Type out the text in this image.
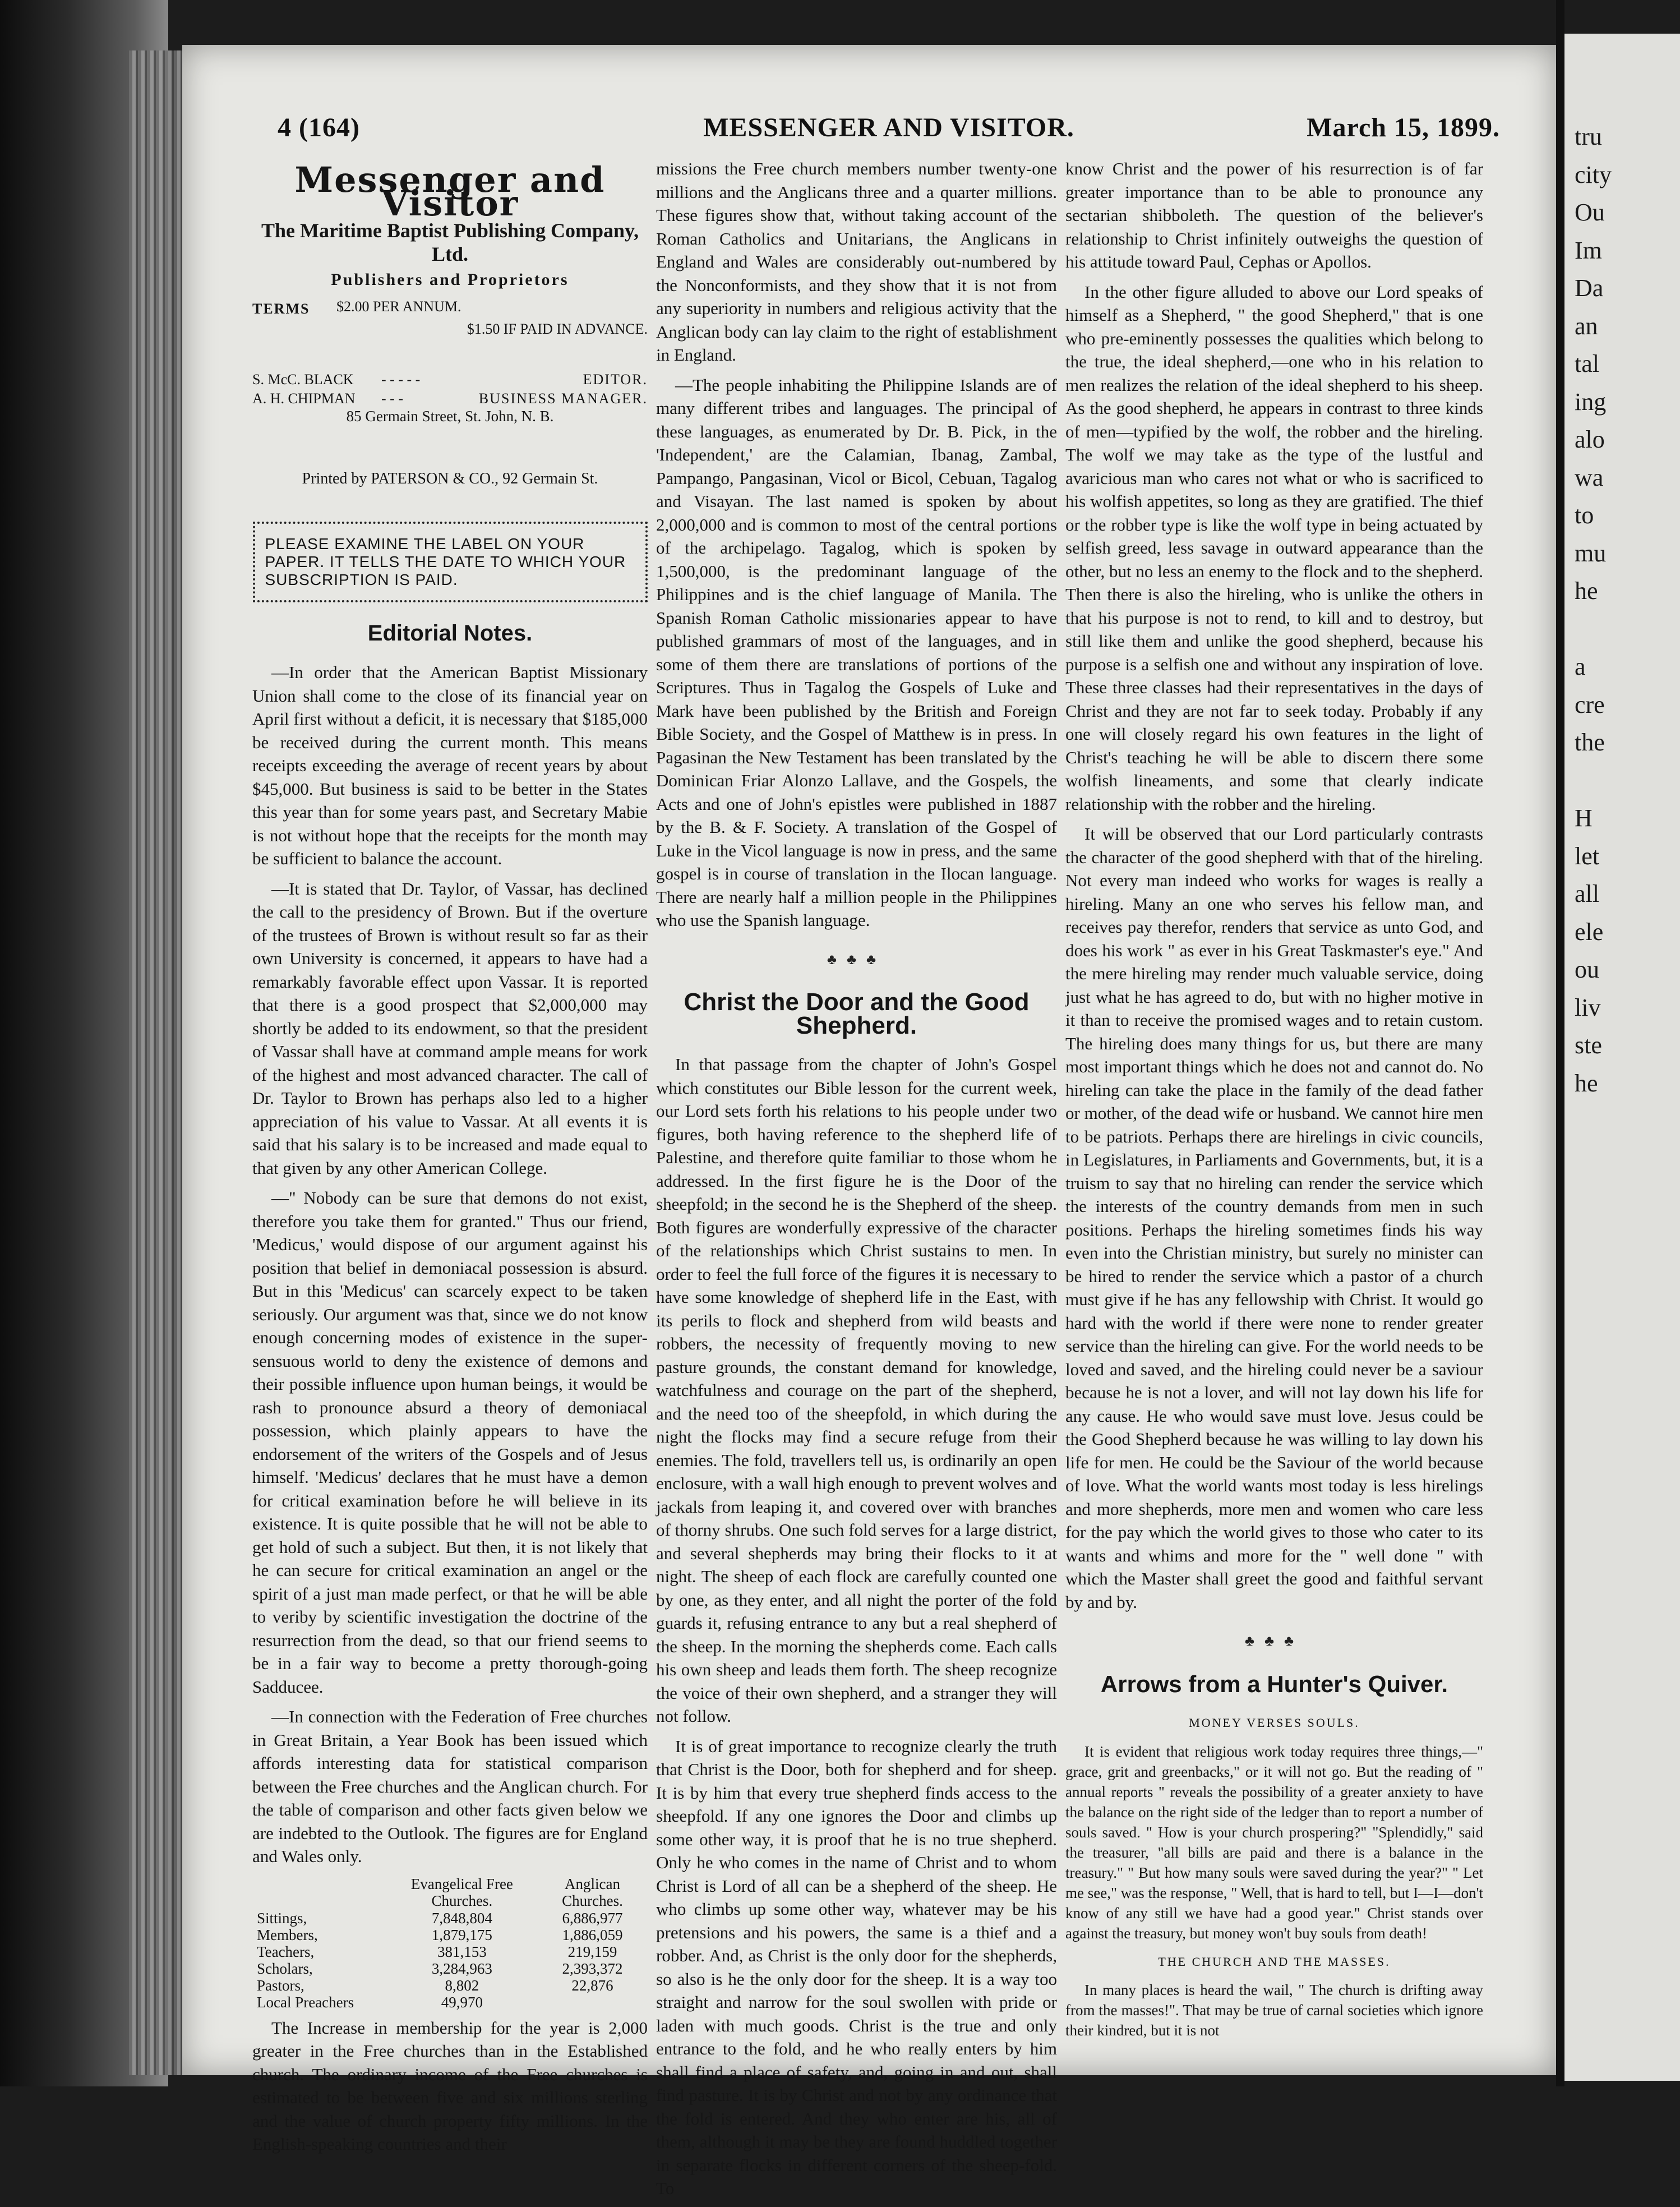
4 (164)	MESSENGER AND VISITOR.	March 15, 1899.
Messenger and Visitor
The Maritime Baptist Publishing Company, Ltd.
Publishers and Proprietors
TERMS $2.00 PER ANNUM.
$1.50 IF PAID IN ADVANCE.
S. McC. BLACK - - - - -	EDITOR.
A. H. CHIPMAN - - -	BUSINESS MANAGER.
85 Germain Street, St. John, N. B.
Printed by PATERSON & CO., 92 Germain St.
PLEASE EXAMINE THE LABEL ON YOUR PAPER. IT TELLS THE DATE TO WHICH YOUR SUBSCRIPTION IS PAID.
Editorial Notes.

—In order that the American Baptist Missionary Union shall come to the close of its financial year on April first without a deficit, it is necessary that $185,000 be received during the current month. This means receipts exceeding the average of recent years by about $45,000. But business is said to be better in the States this year than for some years past, and Secretary Mabie is not without hope that the receipts for the month may be sufficient to balance the account.

—It is stated that Dr. Taylor, of Vassar, has declined the call to the presidency of Brown. But if the overture of the trustees of Brown is without result so far as their own University is concerned, it appears to have had a remarkably favorable effect upon Vassar. It is reported that there is a good prospect that $2,000,000 may shortly be added to its endowment, so that the president of Vassar shall have at command ample means for work of the highest and most advanced character. The call of Dr. Taylor to Brown has perhaps also led to a higher appreciation of his value to Vassar. At all events it is said that his salary is to be increased and made equal to that given by any other American College.

—" Nobody can be sure that demons do not exist, therefore you take them for granted." Thus our friend, 'Medicus,' would dispose of our argument against his position that belief in demoniacal possession is absurd. But in this 'Medicus' can scarcely expect to be taken seriously. Our argument was that, since we do not know enough concerning modes of existence in the super-sensuous world to deny the existence of demons and their possible influence upon human beings, it would be rash to pronounce absurd a theory of demoniacal possession, which plainly appears to have the endorsement of the writers of the Gospels and of Jesus himself. 'Medicus' declares that he must have a demon for critical examination before he will believe in its existence. It is quite possible that he will not be able to get hold of such a subject. But then, it is not likely that he can secure for critical examination an angel or the spirit of a just man made perfect, or that he will be able to veriby by scientific investigation the doctrine of the resurrection from the dead, so that our friend seems to be in a fair way to become a pretty thorough-going Sadducee.

—In connection with the Federation of Free churches in Great Britain, a Year Book has been issued which affords interesting data for statistical comparison between the Free churches and the Anglican church. For the table of comparison and other facts given below we are indebted to the Outlook. The figures are for England and Wales only.

	Evangelical Free Churches.	Anglican Churches.
Sittings,	7,848,804	6,886,977
Members,	1,879,175	1,886,059
Teachers,	381,153	219,159
Scholars,	3,284,963	2,393,372
Pastors,	8,802	22,876
Local Preachers	49,970	

The Increase in membership for the year is 2,000 greater in the Free churches than in the Established church. The ordinary income of the Free churches is estimated to be between five and six millions sterling and the value of church property fifty millions. In the English-speaking countries and their

missions the Free church members number twenty-one millions and the Anglicans three and a quarter millions. These figures show that, without taking account of the Roman Catholics and Unitarians, the Anglicans in England and Wales are considerably out-numbered by the Nonconformists, and they show that it is not from any superiority in numbers and religious activity that the Anglican body can lay claim to the right of establishment in England.

—The people inhabiting the Philippine Islands are of many different tribes and languages. The principal of these languages, as enumerated by Dr. B. Pick, in the 'Independent,' are the Calamian, Ibanag, Zambal, Pampango, Pangasinan, Vicol or Bicol, Cebuan, Tagalog and Visayan. The last named is spoken by about 2,000,000 and is common to most of the central portions of the archipelago. Tagalog, which is spoken by 1,500,000, is the predominant language of the Philippines and is the chief language of Manila. The Spanish Roman Catholic missionaries appear to have published grammars of most of the languages, and in some of them there are translations of portions of the Scriptures. Thus in Tagalog the Gospels of Luke and Mark have been published by the British and Foreign Bible Society, and the Gospel of Matthew is in press. In Pagasinan the New Testament has been translated by the Dominican Friar Alonzo Lallave, and the Gospels, the Acts and one of John's epistles were published in 1887 by the B. & F. Society. A translation of the Gospel of Luke in the Vicol language is now in press, and the same gospel is in course of translation in the Ilocan language. There are nearly half a million people in the Philippines who use the Spanish language.

♣♣♣
Christ the Door and the Good Shepherd.

In that passage from the chapter of John's Gospel which constitutes our Bible lesson for the current week, our Lord sets forth his relations to his people under two figures, both having reference to the shepherd life of Palestine, and therefore quite familiar to those whom he addressed. In the first figure he is the Door of the sheepfold; in the second he is the Shepherd of the sheep. Both figures are wonderfully expressive of the character of the relationships which Christ sustains to men. In order to feel the full force of the figures it is necessary to have some knowledge of shepherd life in the East, with its perils to flock and shepherd from wild beasts and robbers, the necessity of frequently moving to new pasture grounds, the constant demand for knowledge, watchfulness and courage on the part of the shepherd, and the need too of the sheepfold, in which during the night the flocks may find a secure refuge from their enemies. The fold, travellers tell us, is ordinarily an open enclosure, with a wall high enough to prevent wolves and jackals from leaping it, and covered over with branches of thorny shrubs. One such fold serves for a large district, and several shepherds may bring their flocks to it at night. The sheep of each flock are carefully counted one by one, as they enter, and all night the porter of the fold guards it, refusing entrance to any but a real shepherd of the sheep. In the morning the shepherds come. Each calls his own sheep and leads them forth. The sheep recognize the voice of their own shepherd, and a stranger they will not follow.

It is of great importance to recognize clearly the truth that Christ is the Door, both for shepherd and for sheep. It is by him that every true shepherd finds access to the sheepfold. If any one ignores the Door and climbs up some other way, it is proof that he is no true shepherd. Only he who comes in the name of Christ and to whom Christ is Lord of all can be a shepherd of the sheep. He who climbs up some other way, whatever may be his pretensions and his powers, the same is a thief and a robber. And, as Christ is the only door for the shepherds, so also is he the only door for the sheep. It is a way too straight and narrow for the soul swollen with pride or laden with much goods. Christ is the true and only entrance to the fold, and he who really enters by him shall find a place of safety, and, going in and out, shall find pasture. It is by Christ and not by any ordinance that the fold is entered. And they who enter are his, all of them, although it may be they are found huddled together in separate flocks in different corners of the sheep-fold. To

know Christ and the power of his resurrection is of far greater importance than to be able to pronounce any sectarian shibboleth. The question of the believer's relationship to Christ infinitely outweighs the question of his attitude toward Paul, Cephas or Apollos.

In the other figure alluded to above our Lord speaks of himself as a Shepherd, " the good Shepherd," that is one who pre-eminently possesses the qualities which belong to the true, the ideal shepherd,—one who in his relation to men realizes the relation of the ideal shepherd to his sheep. As the good shepherd, he appears in contrast to three kinds of men—typified by the wolf, the robber and the hireling. The wolf we may take as the type of the lustful and avaricious man who cares not what or who is sacrificed to his wolfish appetites, so long as they are gratified. The thief or the robber type is like the wolf type in being actuated by selfish greed, less savage in outward appearance than the other, but no less an enemy to the flock and to the shepherd. Then there is also the hireling, who is unlike the others in that his purpose is not to rend, to kill and to destroy, but still like them and unlike the good shepherd, because his purpose is a selfish one and without any inspiration of love. These three classes had their representatives in the days of Christ and they are not far to seek today. Probably if any one will closely regard his own features in the light of Christ's teaching he will be able to discern there some wolfish lineaments, and some that clearly indicate relationship with the robber and the hireling.

It will be observed that our Lord particularly contrasts the character of the good shepherd with that of the hireling. Not every man indeed who works for wages is really a hireling. Many an one who serves his fellow man, and receives pay therefor, renders that service as unto God, and does his work " as ever in his Great Taskmaster's eye." And the mere hireling may render much valuable service, doing just what he has agreed to do, but with no higher motive in it than to receive the promised wages and to retain custom. The hireling does many things for us, but there are many most important things which he does not and cannot do. No hireling can take the place in the family of the dead father or mother, of the dead wife or husband. We cannot hire men to be patriots. Perhaps there are hirelings in civic councils, in Legislatures, in Parliaments and Governments, but, it is a truism to say that no hireling can render the service which the interests of the country demands from men in such positions. Perhaps the hireling sometimes finds his way even into the Christian ministry, but surely no minister can be hired to render the service which a pastor of a church must give if he has any fellowship with Christ. It would go hard with the world if there were none to render greater service than the hireling can give. For the world needs to be loved and saved, and the hireling could never be a saviour because he is not a lover, and will not lay down his life for any cause. He who would save must love. Jesus could be the Good Shepherd because he was willing to lay down his life for men. He could be the Saviour of the world because of love. What the world wants most today is less hirelings and more shepherds, more men and women who care less for the pay which the world gives to those who cater to its wants and whims and more for the " well done " with which the Master shall greet the good and faithful servant by and by.

♣♣♣
Arrows from a Hunter's Quiver.
MONEY VERSES SOULS.

It is evident that religious work today requires three things,—" grace, grit and greenbacks," or it will not go. But the reading of " annual reports " reveals the possibility of a greater anxiety to have the balance on the right side of the ledger than to report a number of souls saved. " How is your church prospering?" "Splendidly," said the treasurer, "all bills are paid and there is a balance in the treasury." " But how many souls were saved during the year?" " Let me see," was the response, " Well, that is hard to tell, but I—I—don't know of any still we have had a good year." Christ stands over against the treasury, but money won't buy souls from death!

THE CHURCH AND THE MASSES.

In many places is heard the wail, " The church is drifting away from the masses!". That may be true of carnal societies which ignore their kindred, but it is not

tru
city
Ou
Im
Da
an
tal
ing
alo
wa
to
mu
he

a
cre
the

H
let
all
ele
ou
liv
ste
he
